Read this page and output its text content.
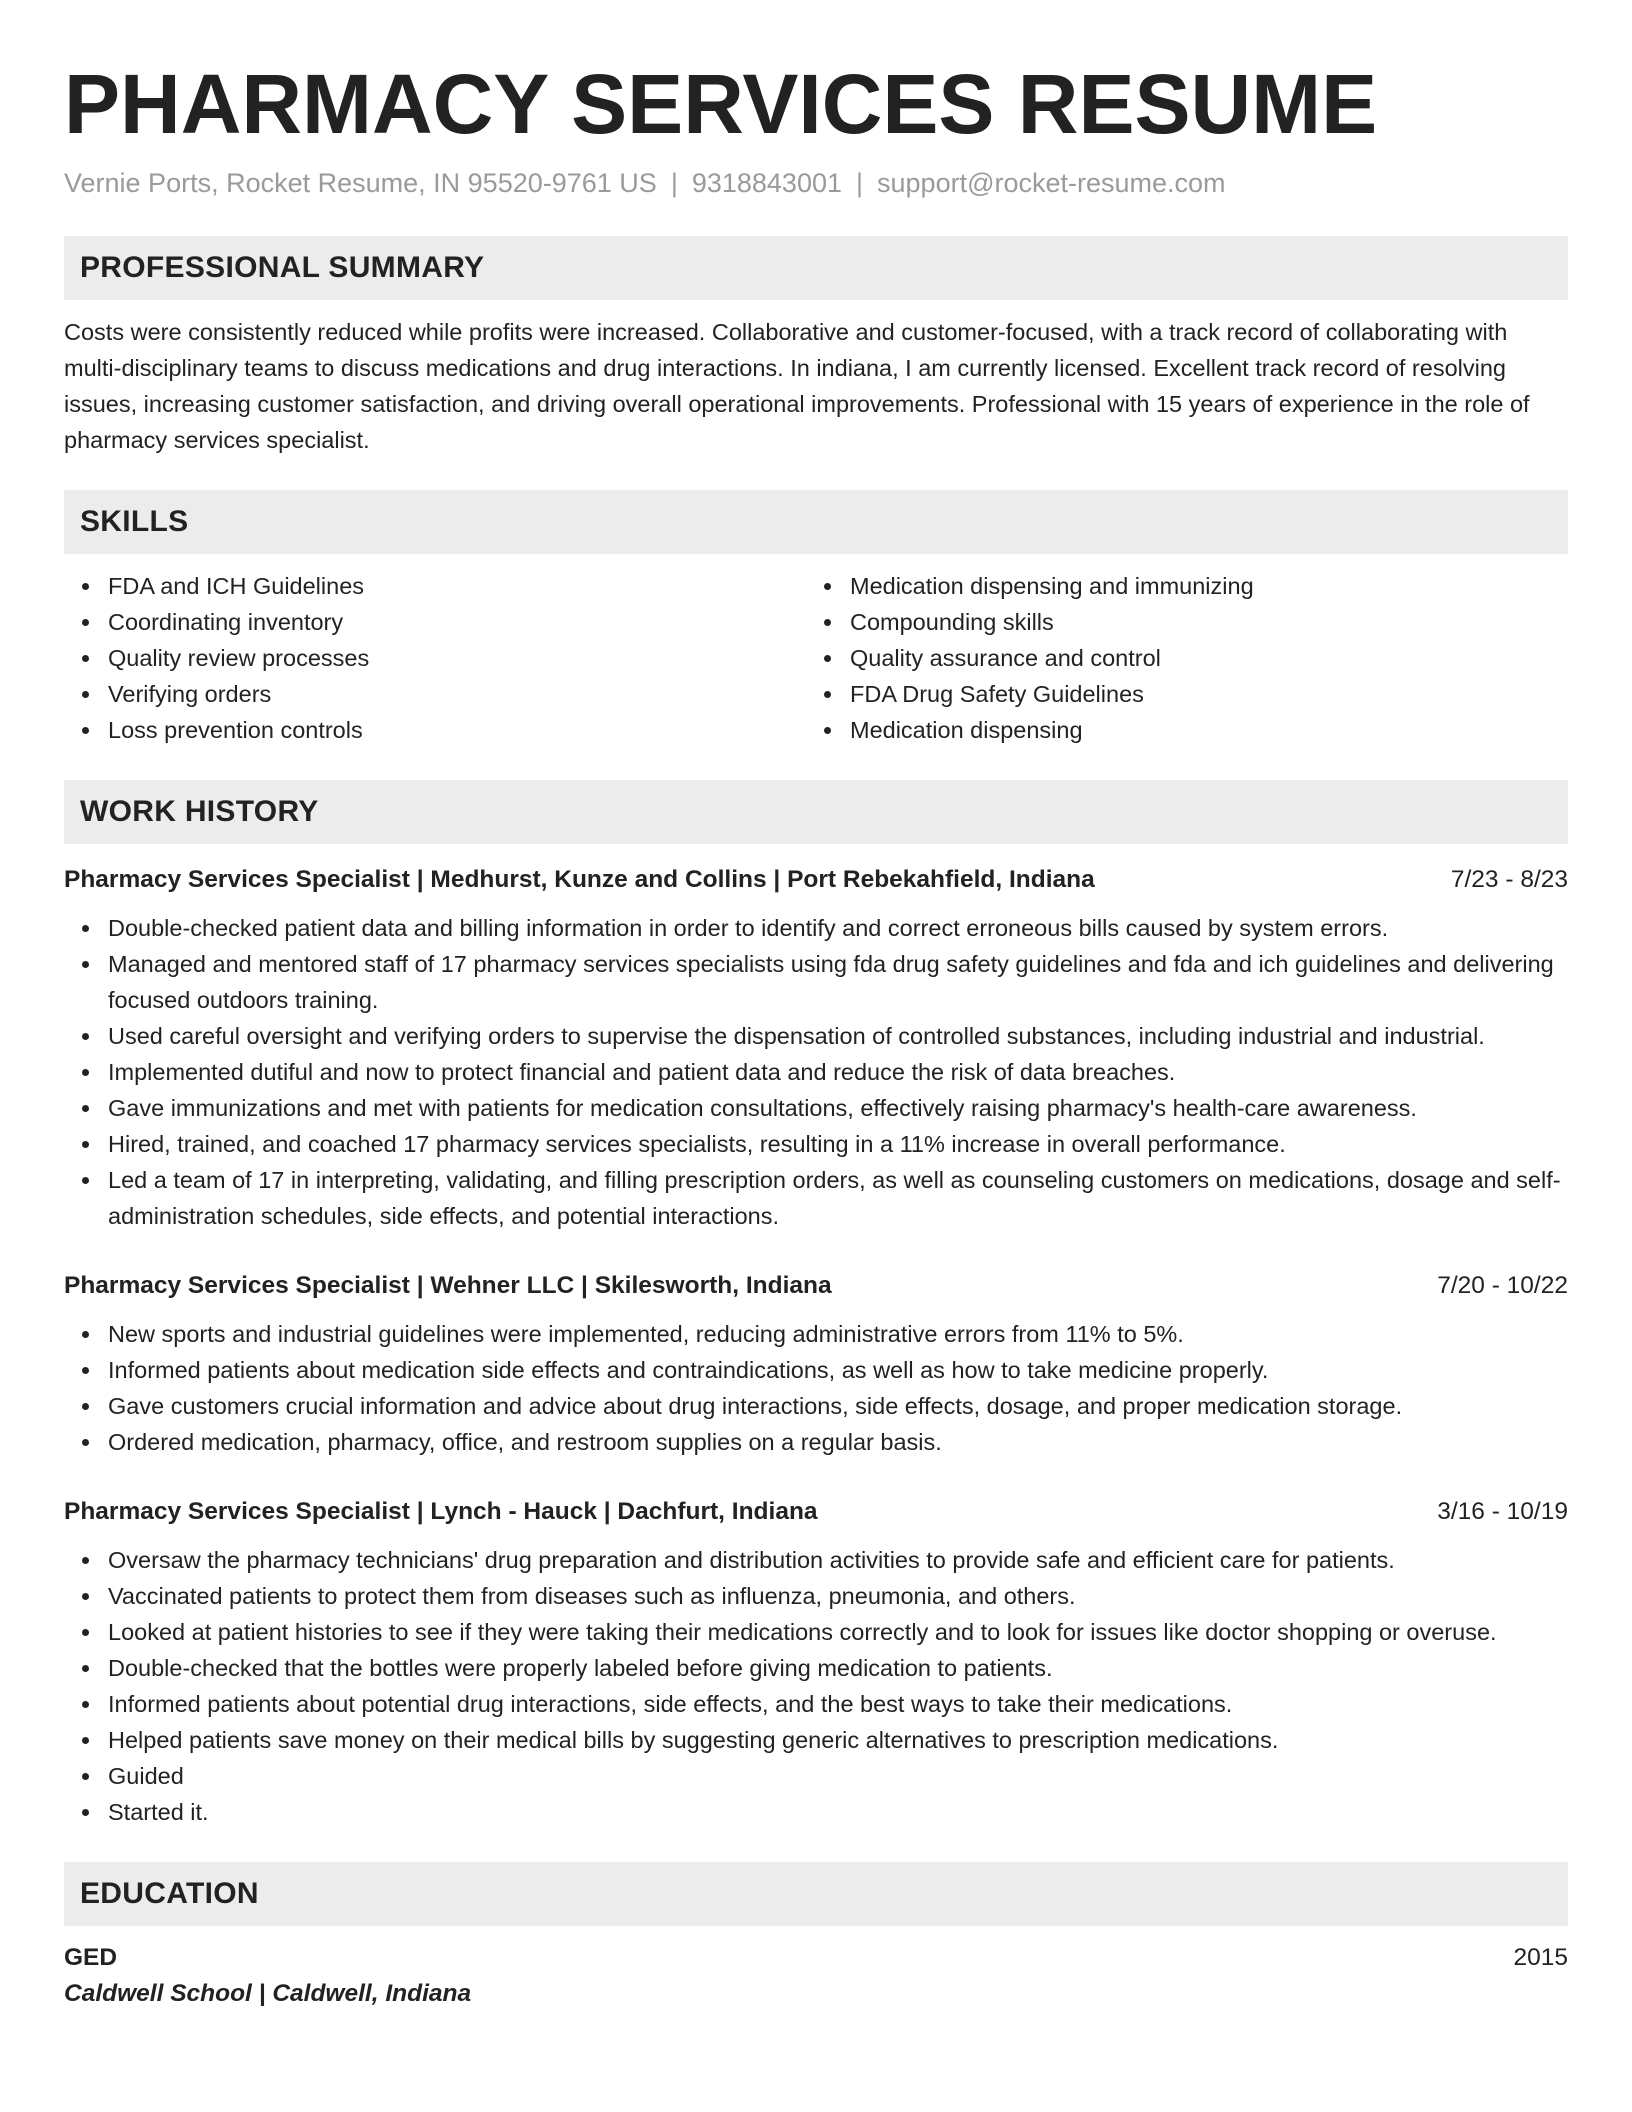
PHARMACY SERVICES RESUME
Vernie Ports, Rocket Resume, IN 95520-9761 US | 9318843001 | support@rocket-resume.com
PROFESSIONAL SUMMARY
Costs were consistently reduced while profits were increased. Collaborative and customer-focused, with a track record of collaborating with multi-disciplinary teams to discuss medications and drug interactions. In indiana, I am currently licensed. Excellent track record of resolving issues, increasing customer satisfaction, and driving overall operational improvements. Professional with 15 years of experience in the role of pharmacy services specialist.
SKILLS
FDA and ICH Guidelines
Coordinating inventory
Quality review processes
Verifying orders
Loss prevention controls
Medication dispensing and immunizing
Compounding skills
Quality assurance and control
FDA Drug Safety Guidelines
Medication dispensing
WORK HISTORY
Pharmacy Services Specialist | Medhurst, Kunze and Collins | Port Rebekahfield, Indiana	7/23 - 8/23
Double-checked patient data and billing information in order to identify and correct erroneous bills caused by system errors.
Managed and mentored staff of 17 pharmacy services specialists using fda drug safety guidelines and fda and ich guidelines and delivering focused outdoors training.
Used careful oversight and verifying orders to supervise the dispensation of controlled substances, including industrial and industrial.
Implemented dutiful and now to protect financial and patient data and reduce the risk of data breaches.
Gave immunizations and met with patients for medication consultations, effectively raising pharmacy's health-care awareness.
Hired, trained, and coached 17 pharmacy services specialists, resulting in a 11% increase in overall performance.
Led a team of 17 in interpreting, validating, and filling prescription orders, as well as counseling customers on medications, dosage and self-administration schedules, side effects, and potential interactions.
Pharmacy Services Specialist | Wehner LLC | Skilesworth, Indiana	7/20 - 10/22
New sports and industrial guidelines were implemented, reducing administrative errors from 11% to 5%.
Informed patients about medication side effects and contraindications, as well as how to take medicine properly.
Gave customers crucial information and advice about drug interactions, side effects, dosage, and proper medication storage.
Ordered medication, pharmacy, office, and restroom supplies on a regular basis.
Pharmacy Services Specialist | Lynch - Hauck | Dachfurt, Indiana	3/16 - 10/19
Oversaw the pharmacy technicians' drug preparation and distribution activities to provide safe and efficient care for patients.
Vaccinated patients to protect them from diseases such as influenza, pneumonia, and others.
Looked at patient histories to see if they were taking their medications correctly and to look for issues like doctor shopping or overuse.
Double-checked that the bottles were properly labeled before giving medication to patients.
Informed patients about potential drug interactions, side effects, and the best ways to take their medications.
Helped patients save money on their medical bills by suggesting generic alternatives to prescription medications.
Guided
Started it.
EDUCATION
GED	2015
Caldwell School | Caldwell, Indiana
